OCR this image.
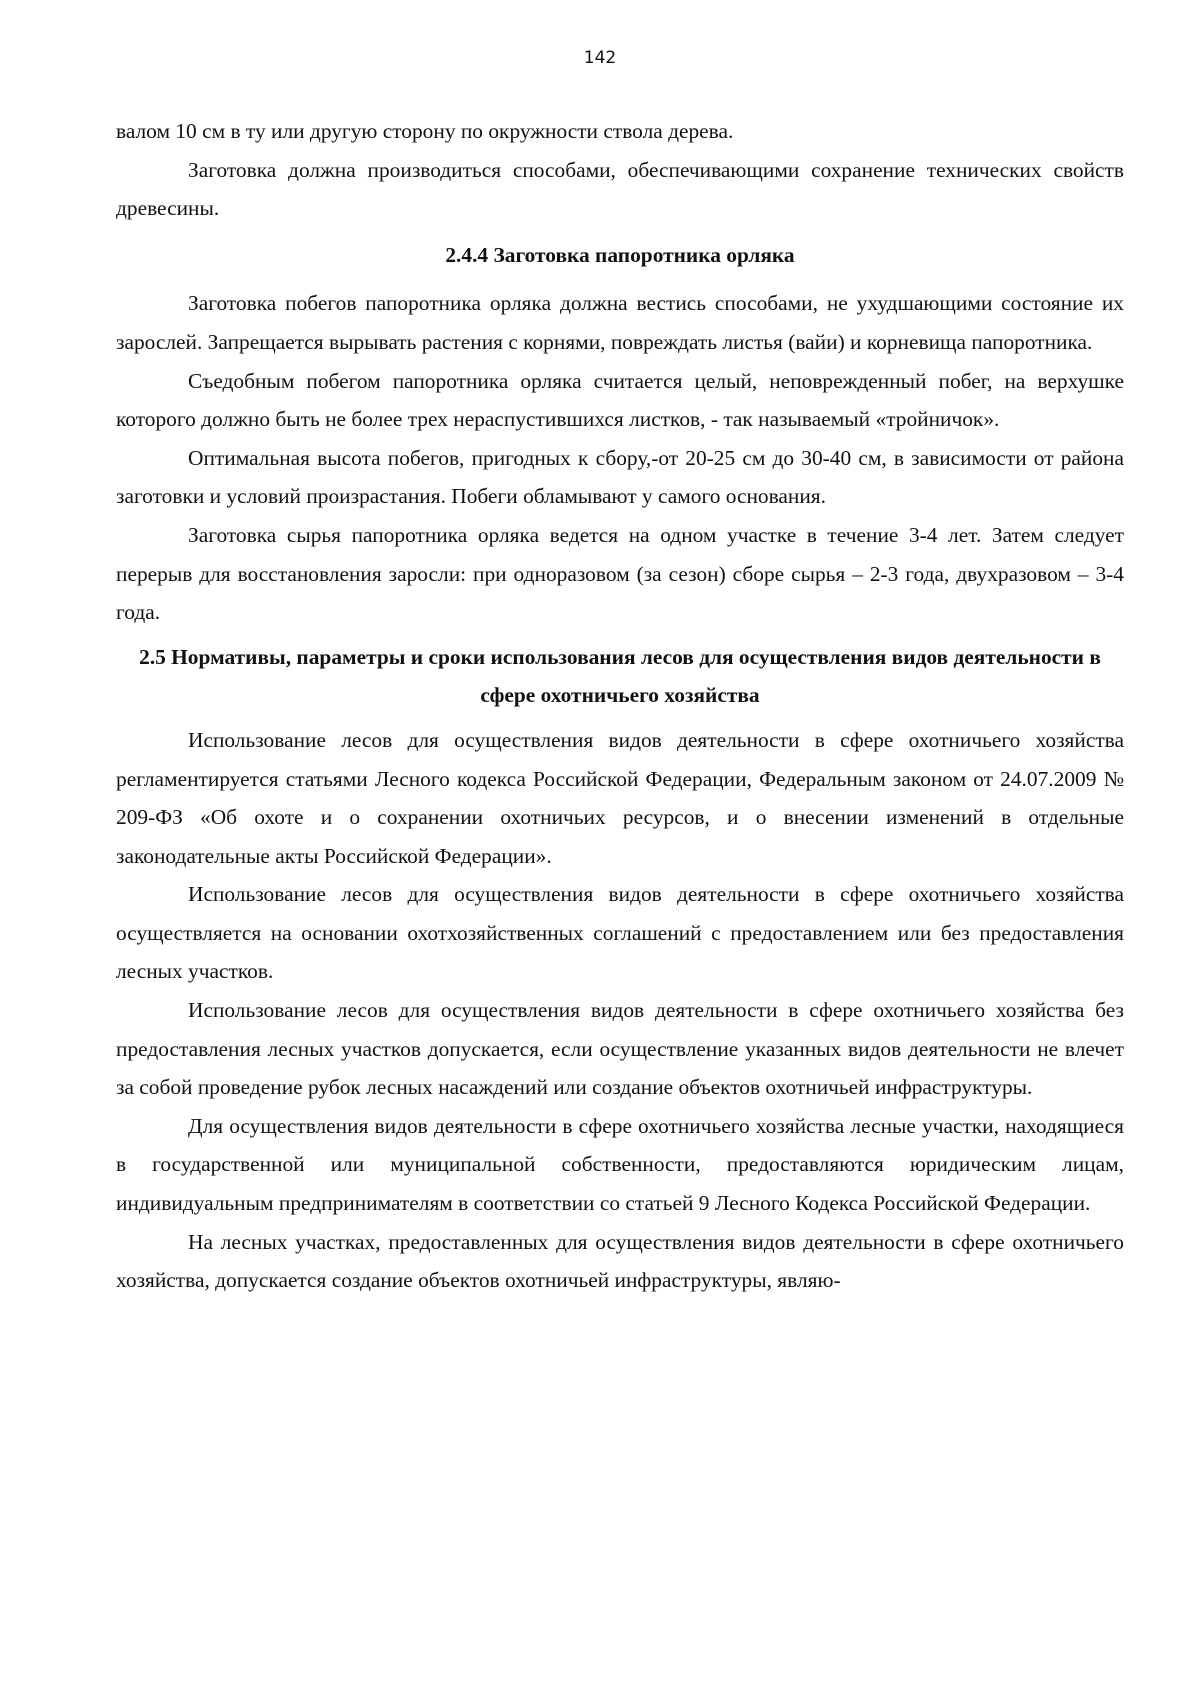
142

валом 10 см в ту или другую сторону по окружности ствола дерева.

Заготовка должна производиться способами, обеспечивающими сохранение технических свойств древесины.

2.4.4 Заготовка папоротника орляка

Заготовка побегов папоротника орляка должна вестись способами, не ухудшающими состояние их зарослей. Запрещается вырывать растения с корнями, повреждать листья (вайи) и корневища папоротника.

Съедобным побегом папоротника орляка считается целый, неповрежденный побег, на верхушке которого должно быть не более трех нераспустившихся листков, - так называемый «тройничок».

Оптимальная высота побегов, пригодных к сбору,-от 20-25 см до 30-40 см, в зависимости от района заготовки и условий произрастания. Побеги обламывают у самого основания.

Заготовка сырья папоротника орляка ведется на одном участке в течение 3-4 лет. Затем следует перерыв для восстановления заросли: при одноразовом (за сезон) сборе сырья – 2-3 года, двухразовом – 3-4 года.

2.5 Нормативы, параметры и сроки использования лесов для осуществления видов деятельности в сфере охотничьего хозяйства

Использование лесов для осуществления видов деятельности в сфере охотничьего хозяйства регламентируется статьями Лесного кодекса Российской Федерации, Федеральным законом от 24.07.2009 № 209-ФЗ «Об охоте и о сохранении охотничьих ресурсов, и о внесении изменений в отдельные законодательные акты Российской Федерации».

Использование лесов для осуществления видов деятельности в сфере охотничьего хозяйства осуществляется на основании охотхозяйственных соглашений с предоставлением или без предоставления лесных участков.

Использование лесов для осуществления видов деятельности в сфере охотничьего хозяйства без предоставления лесных участков допускается, если осуществление указанных видов деятельности не влечет за собой проведение рубок лесных насаждений или создание объектов охотничьей инфраструктуры.

Для осуществления видов деятельности в сфере охотничьего хозяйства лесные участки, находящиеся в государственной или муниципальной собственности, предоставляются юридическим лицам, индивидуальным предпринимателям в соответствии со статьей 9 Лесного Кодекса Российской Федерации.

На лесных участках, предоставленных для осуществления видов деятельности в сфере охотничьего хозяйства, допускается создание объектов охотничьей инфраструктуры, являю-
